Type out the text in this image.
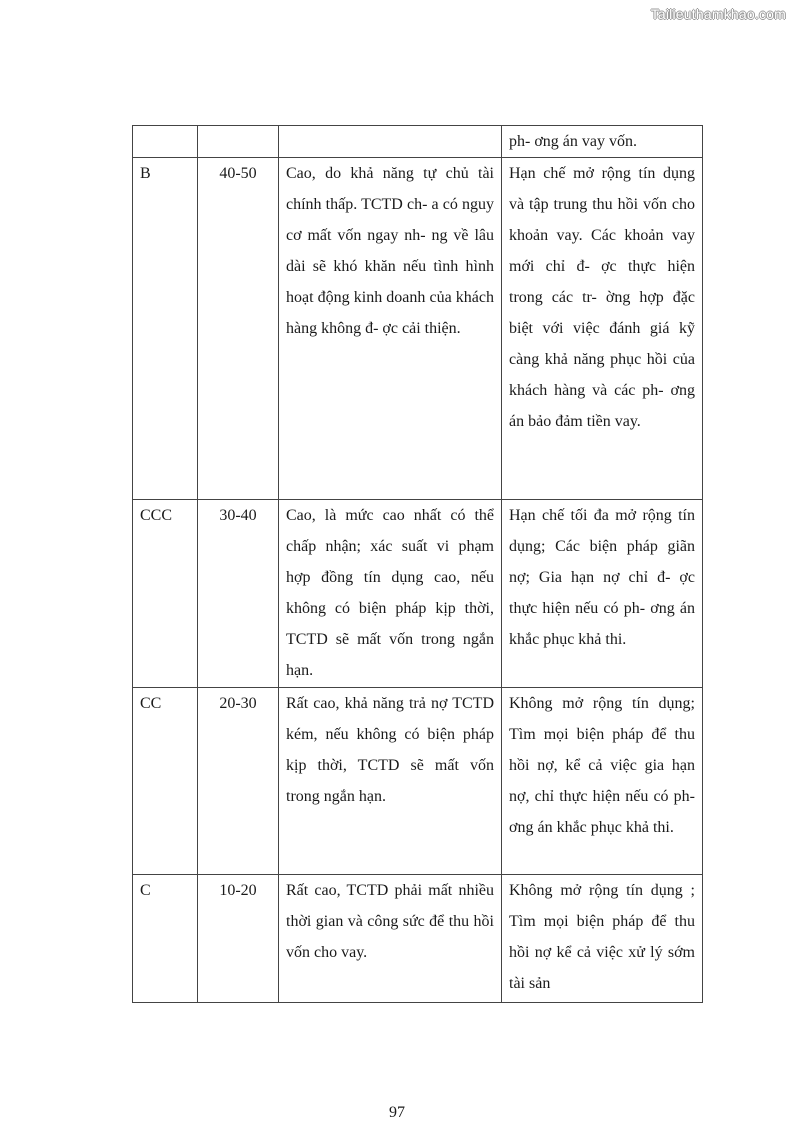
Tailieuthamkhao.com
			ph- ơng án vay vốn.
B	40-50	Cao, do khả năng tự chủ tài chính thấp. TCTD ch- a có nguy cơ mất vốn ngay nh- ng về lâu dài sẽ khó khăn nếu tình hình hoạt động kinh doanh của khách hàng không đ- ợc cải thiện.	Hạn chế mở rộng tín dụng và tập trung thu hồi vốn cho khoản vay. Các khoản vay mới chỉ đ- ợc thực hiện trong các tr- ờng hợp đặc biệt với việc đánh giá kỹ càng khả năng phục hồi của khách hàng và các ph- ơng án bảo đảm tiền vay.
CCC	30-40	Cao, là mức cao nhất có thể chấp nhận; xác suất vi phạm hợp đồng tín dụng cao, nếu không có biện pháp kịp thời, TCTD sẽ mất vốn trong ngắn hạn.	Hạn chế tối đa mở rộng tín dụng; Các biện pháp giãn nợ; Gia hạn nợ chỉ đ- ợc thực hiện nếu có ph- ơng án khắc phục khả thi.
CC	20-30	Rất cao, khả năng trả nợ TCTD kém, nếu không có biện pháp kịp thời, TCTD sẽ mất vốn trong ngắn hạn.	Không mở rộng tín dụng; Tìm mọi biện pháp để thu hồi nợ, kể cả việc gia hạn nợ, chỉ thực hiện nếu có ph- ơng án khắc phục khả thi.
C	10-20	Rất cao, TCTD phải mất nhiều thời gian và công sức để thu hồi vốn cho vay.	Không mở rộng tín dụng ; Tìm mọi biện pháp để thu hồi nợ kể cả việc xử lý sớm tài sản
97
